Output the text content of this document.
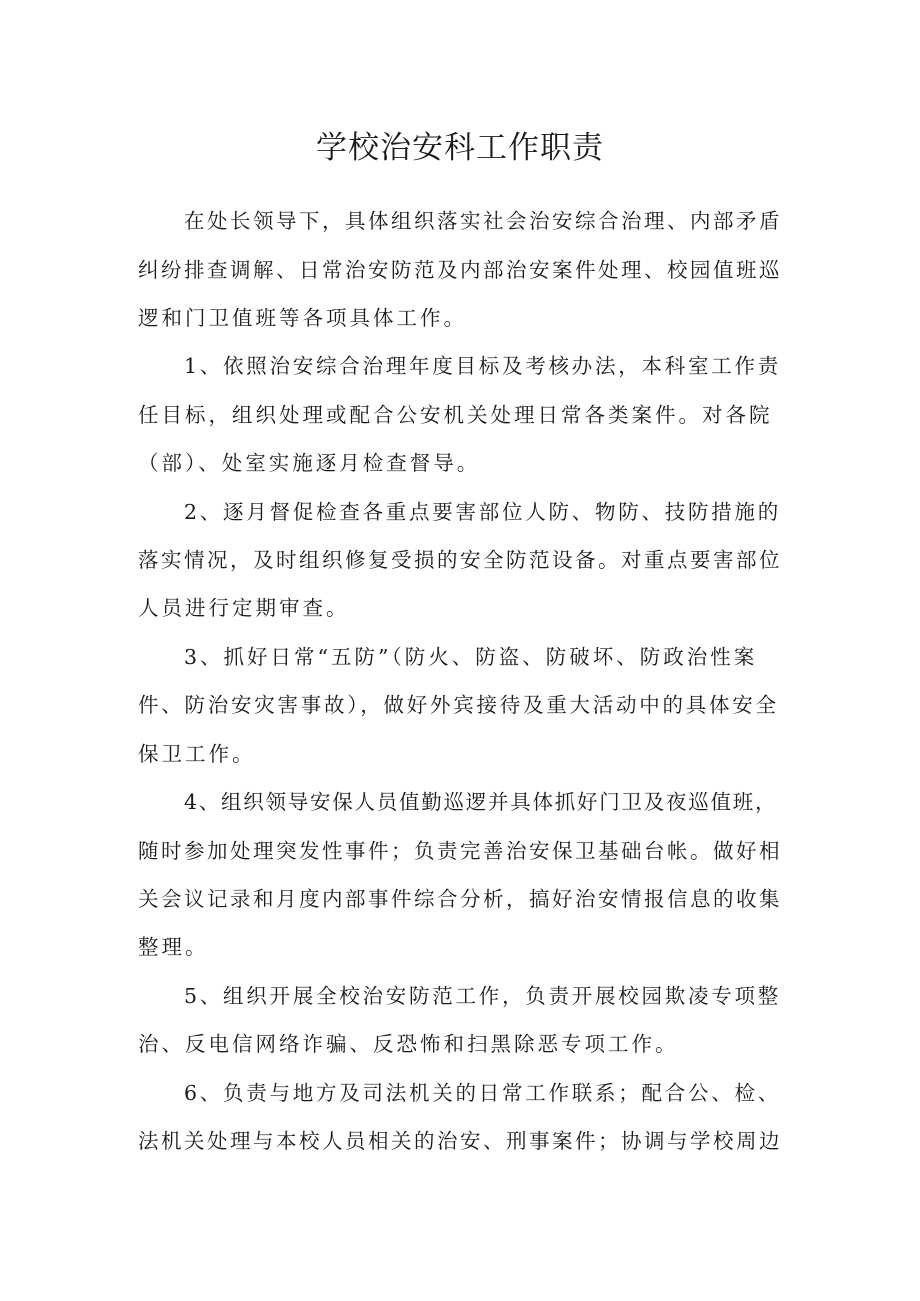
学校治安科工作职责

在处长领导下，具体组织落实社会治安综合治理、内部矛盾

纠纷排查调解、日常治安防范及内部治安案件处理、校园值班巡

逻和门卫值班等各项具体工作。

1、依照治安综合治理年度目标及考核办法，本科室工作责

任目标，组织处理或配合公安机关处理日常各类案件。对各院

（部）、处室实施逐月检查督导。

2、逐月督促检查各重点要害部位人防、物防、技防措施的

落实情况，及时组织修复受损的安全防范设备。对重点要害部位

人员进行定期审查。

3、抓好日常“五防”（防火、防盗、防破坏、防政治性案

件、防治安灾害事故），做好外宾接待及重大活动中的具体安全

保卫工作。

4、组织领导安保人员值勤巡逻并具体抓好门卫及夜巡值班，

随时参加处理突发性事件；负责完善治安保卫基础台帐。做好相

关会议记录和月度内部事件综合分析，搞好治安情报信息的收集

整理。

5、组织开展全校治安防范工作，负责开展校园欺凌专项整

治、反电信网络诈骗、反恐怖和扫黑除恶专项工作。

6、负责与地方及司法机关的日常工作联系；配合公、检、

法机关处理与本校人员相关的治安、刑事案件；协调与学校周边
